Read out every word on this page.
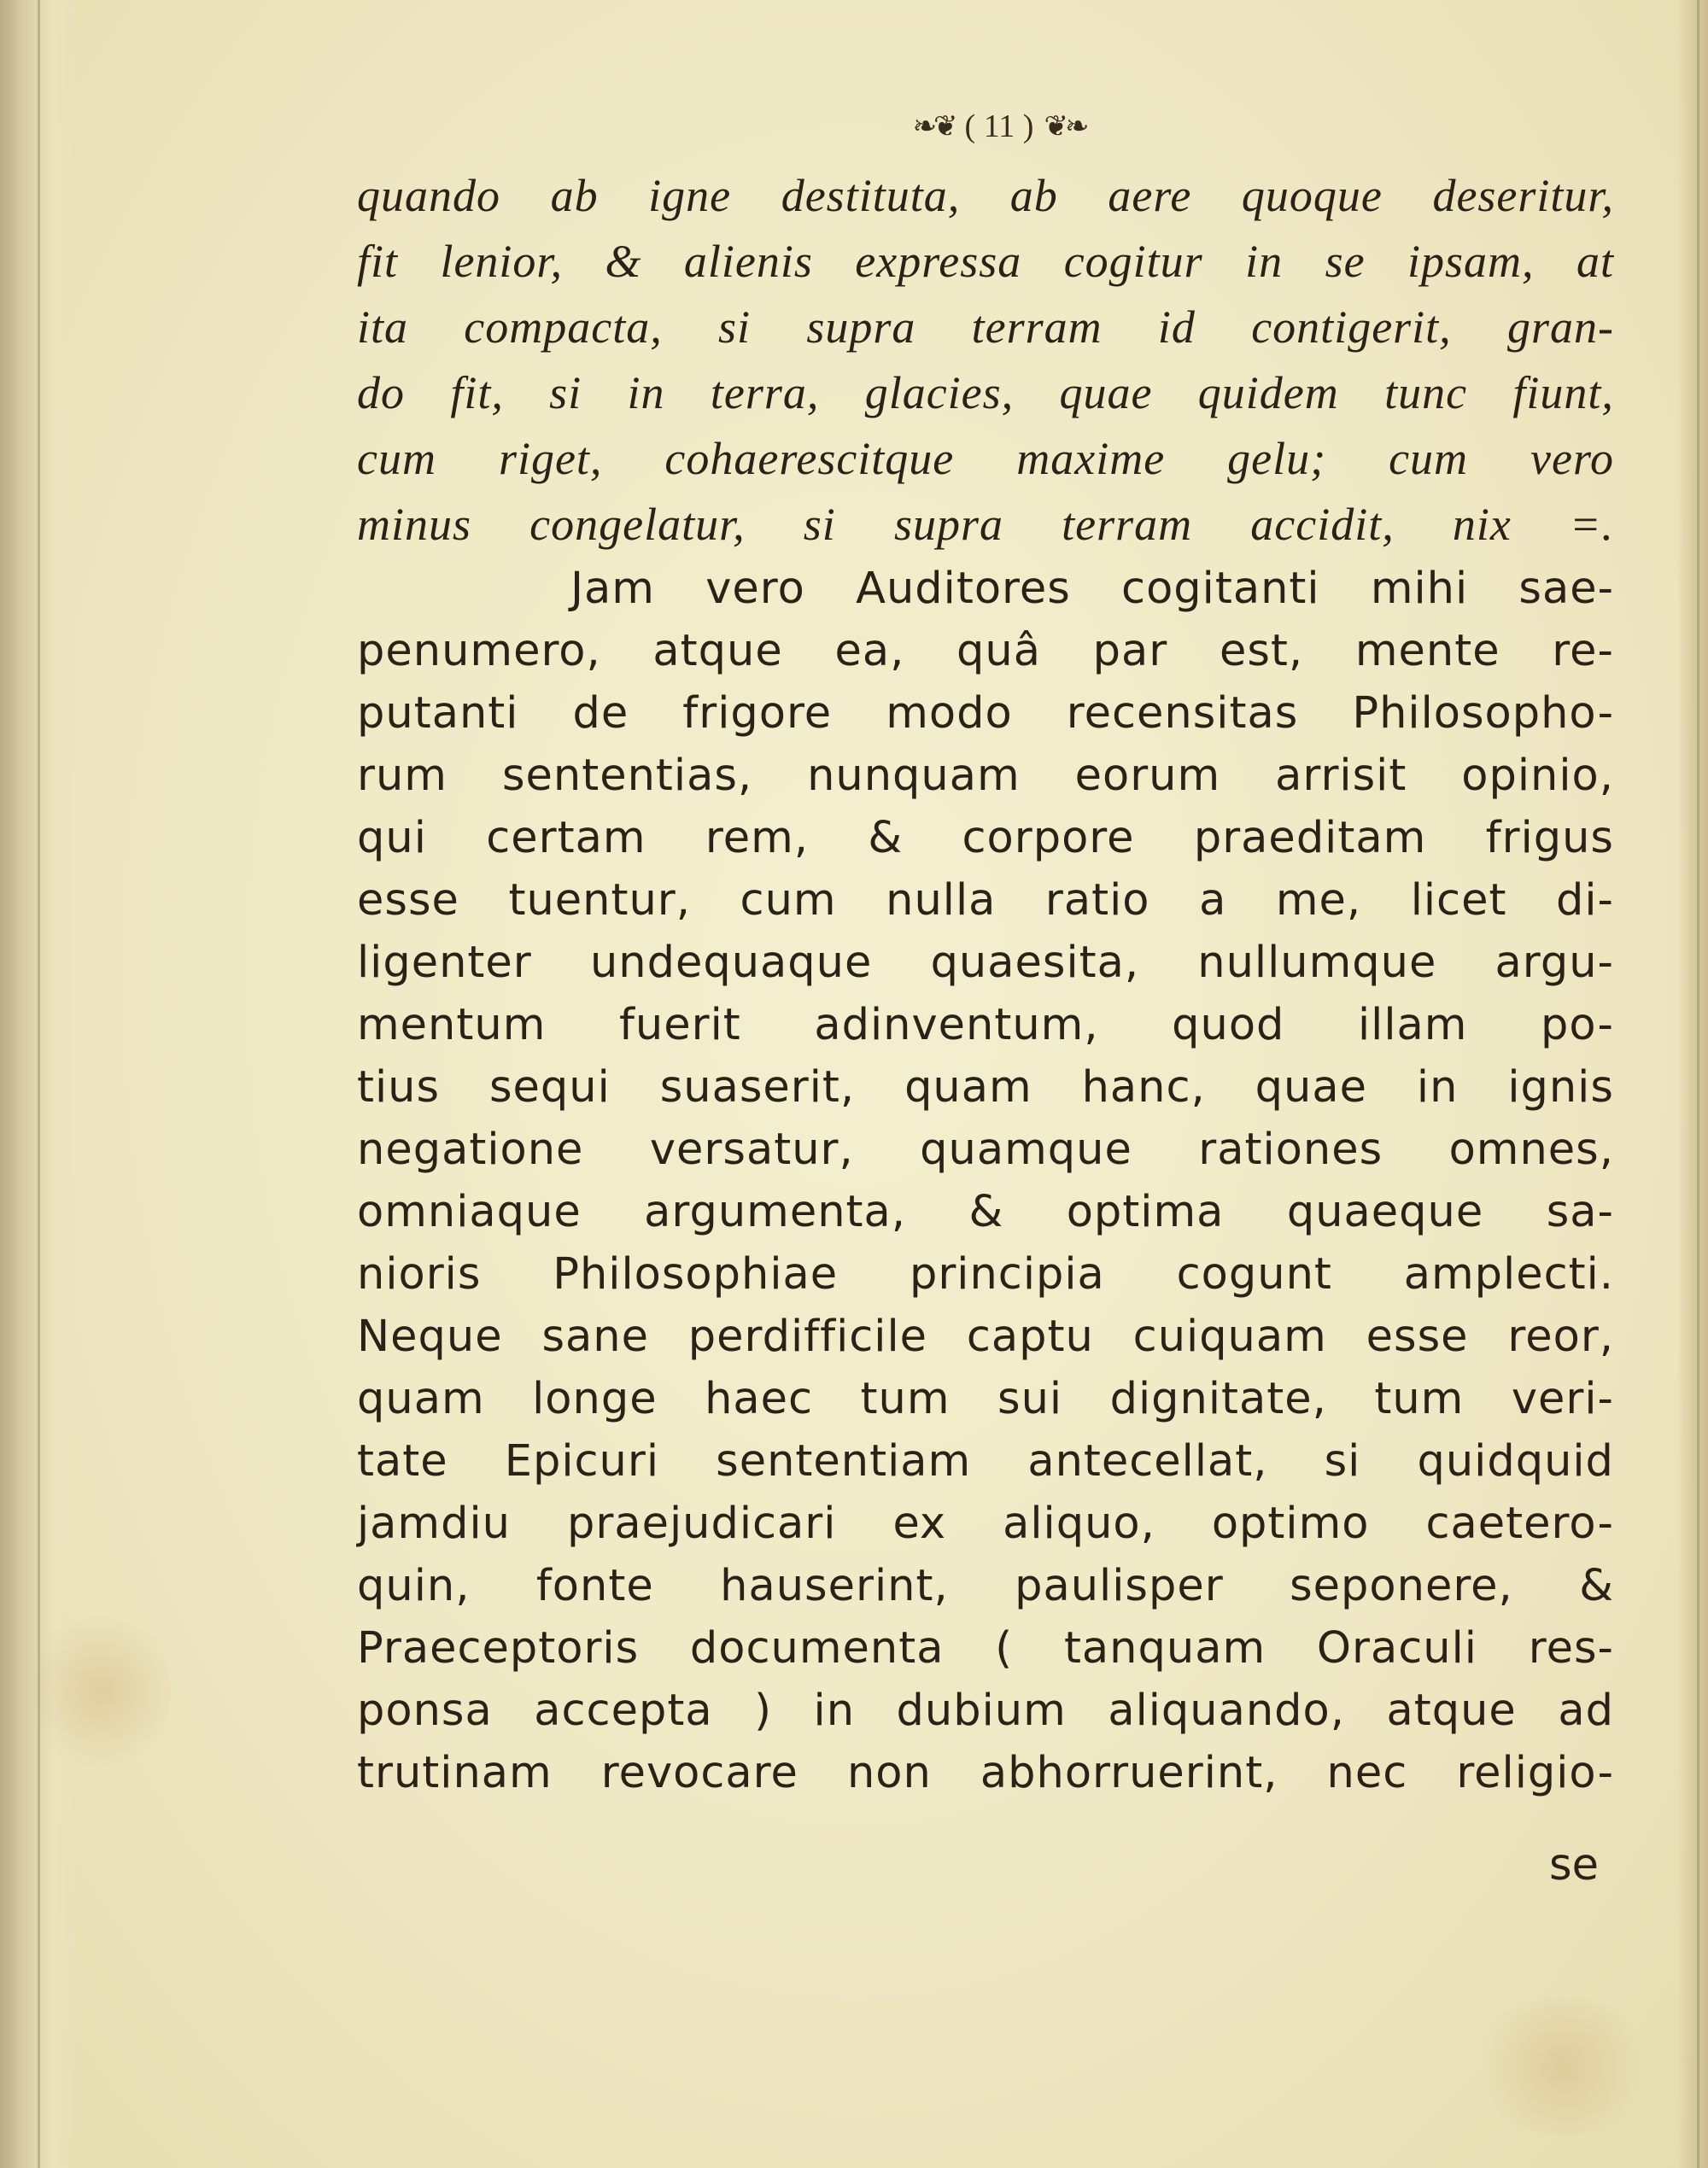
❧❦ ( 11 ) ❦❧
quando ab igne destituta, ab aere quoque deseritur,
fit lenior, & alienis expressa cogitur in se ipsam, at
ita compacta, si supra terram id contigerit, gran-
do fit, si in terra, glacies, quae quidem tunc fiunt,
cum riget, cohaerescitque maxime gelu; cum vero
minus congelatur, si supra terram accidit, nix =.
Jam vero Auditores cogitanti mihi sae-
penumero, atque ea, quâ par est, mente re-
putanti de frigore modo recensitas Philosopho-
rum sententias, nunquam eorum arrisit opinio,
qui certam rem, & corpore praeditam frigus
esse tuentur, cum nulla ratio a me, licet di-
ligenter undequaque quaesita, nullumque argu-
mentum fuerit adinventum, quod illam po-
tius sequi suaserit, quam hanc, quae in ignis
negatione versatur, quamque rationes omnes,
omniaque argumenta, & optima quaeque sa-
nioris Philosophiae principia cogunt amplecti.
Neque sane perdifficile captu cuiquam esse reor,
quam longe haec tum sui dignitate, tum veri-
tate Epicuri sententiam antecellat, si quidquid
jamdiu praejudicari ex aliquo, optimo caetero-
quin, fonte hauserint, paulisper seponere, &
Praeceptoris documenta ( tanquam Oraculi res-
ponsa accepta ) in dubium aliquando, atque ad
trutinam revocare non abhorruerint, nec religio-
se
